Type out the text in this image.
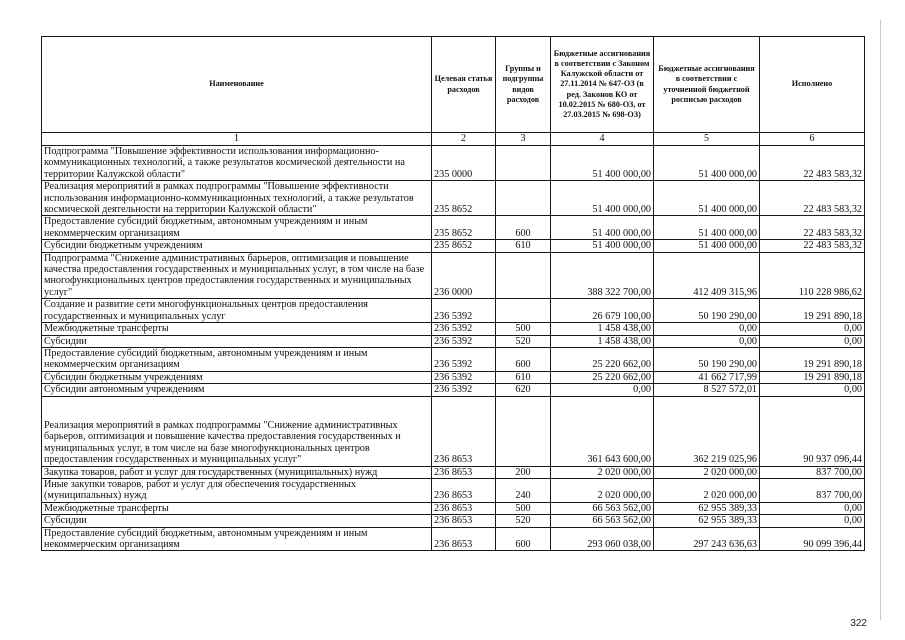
Наименование	Целевая статья расходов	Группы и подгруппы видов расходов	Бюджетные ассигнования в соответствии с Законом Калужской области от 27.11.2014 № 647-ОЗ (в ред. Законов КО от 10.02.2015 № 680-ОЗ, от 27.03.2015 № 698-ОЗ)	Бюджетные ассигнования в соответствии с уточненной бюджетной росписью расходов	Исполнено
1	2	3	4	5	6
Подпрограмма "Повышение эффективности использования информационно-коммуникационных технологий, а также результатов космической деятельности на территории Калужской области"	235 0000		51 400 000,00	51 400 000,00	22 483 583,32
Реализация мероприятий в рамках подпрограммы "Повышение эффективности использования информационно-коммуникационных технологий, а также результатов космической деятельности на территории Калужской области"	235 8652		51 400 000,00	51 400 000,00	22 483 583,32
Предоставление субсидий бюджетным, автономным учреждениям и иным некоммерческим организациям	235 8652	600	51 400 000,00	51 400 000,00	22 483 583,32
Субсидии бюджетным учреждениям	235 8652	610	51 400 000,00	51 400 000,00	22 483 583,32
Подпрограмма "Снижение административных барьеров, оптимизация и повышение качества предоставления государственных и муниципальных услуг, в том числе на базе многофункциональных центров предоставления государственных и муниципальных услуг"	236 0000		388 322 700,00	412 409 315,96	110 228 986,62
Создание и развитие сети многофункциональных центров предоставления государственных и муниципальных услуг	236 5392		26 679 100,00	50 190 290,00	19 291 890,18
Межбюджетные трансферты	236 5392	500	1 458 438,00	0,00	0,00
Субсидии	236 5392	520	1 458 438,00	0,00	0,00
Предоставление субсидий бюджетным, автономным учреждениям и иным некоммерческим организациям	236 5392	600	25 220 662,00	50 190 290,00	19 291 890,18
Субсидии бюджетным учреждениям	236 5392	610	25 220 662,00	41 662 717,99	19 291 890,18
Субсидии автономным учреждениям	236 5392	620	0,00	8 527 572,01	0,00
Реализация мероприятий в рамках подпрограммы "Снижение административных барьеров, оптимизация и повышение качества предоставления государственных и муниципальных услуг, в том числе на базе многофункциональных центров предоставления государственных и муниципальных услуг"	236 8653		361 643 600,00	362 219 025,96	90 937 096,44
Закупка товаров, работ и услуг для государственных (муниципальных) нужд	236 8653	200	2 020 000,00	2 020 000,00	837 700,00
Иные закупки товаров, работ и услуг для обеспечения государственных (муниципальных) нужд	236 8653	240	2 020 000,00	2 020 000,00	837 700,00
Межбюджетные трансферты	236 8653	500	66 563 562,00	62 955 389,33	0,00
Субсидии	236 8653	520	66 563 562,00	62 955 389,33	0,00
Предоставление субсидий бюджетным, автономным учреждениям и иным некоммерческим организациям	236 8653	600	293 060 038,00	297 243 636,63	90 099 396,44
322
